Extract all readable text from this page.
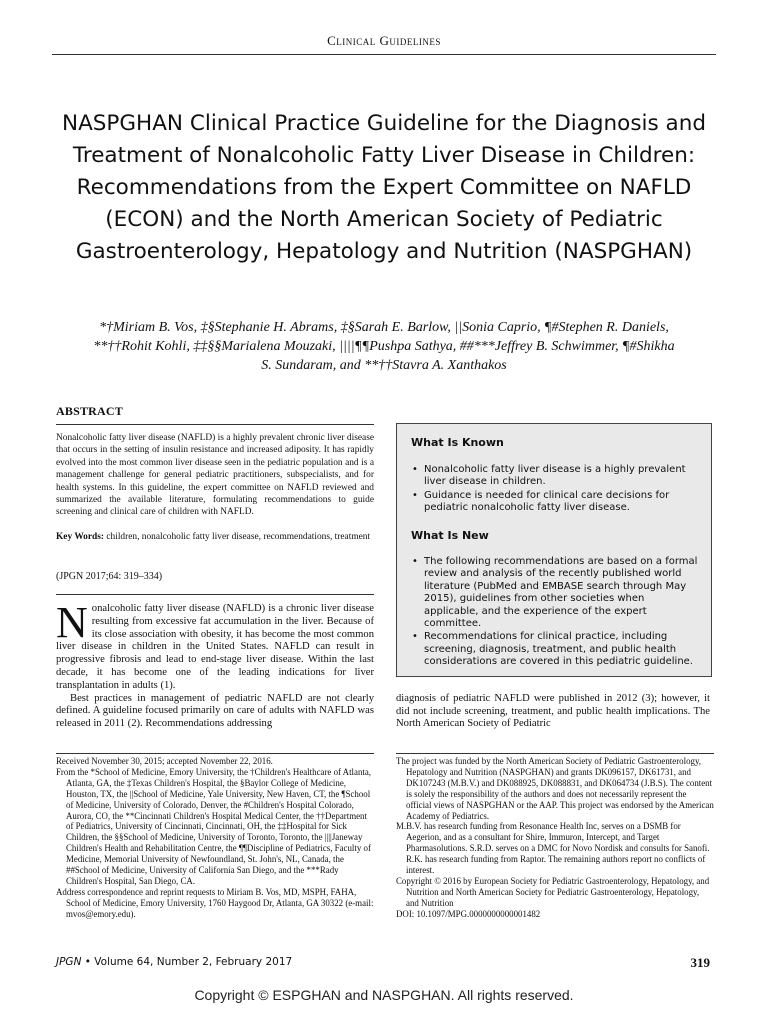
Clinical Guidelines
NASPGHAN Clinical Practice Guideline for the Diagnosis and Treatment of Nonalcoholic Fatty Liver Disease in Children: Recommendations from the Expert Committee on NAFLD (ECON) and the North American Society of Pediatric Gastroenterology, Hepatology and Nutrition (NASPGHAN)
*†Miriam B. Vos, ‡§Stephanie H. Abrams, ‡§Sarah E. Barlow, ||Sonia Caprio, ¶#Stephen R. Daniels, **††Rohit Kohli, ‡‡§§Marialena Mouzaki, ||||¶¶Pushpa Sathya, ##***Jeffrey B. Schwimmer, ¶#Shikha S. Sundaram, and **††Stavra A. Xanthakos
ABSTRACT
Nonalcoholic fatty liver disease (NAFLD) is a highly prevalent chronic liver disease that occurs in the setting of insulin resistance and increased adiposity. It has rapidly evolved into the most common liver disease seen in the pediatric population and is a management challenge for general pediatric practitioners, subspecialists, and for health systems. In this guideline, the expert committee on NAFLD reviewed and summarized the available literature, formulating recommendations to guide screening and clinical care of children with NAFLD.
Key Words: children, nonalcoholic fatty liver disease, recommendations, treatment
(JPGN 2017;64: 319–334)
Nonalcoholic fatty liver disease (NAFLD) is a chronic liver disease resulting from excessive fat accumulation in the liver. Because of its close association with obesity, it has become the most common liver disease in children in the United States. NAFLD can result in progressive fibrosis and lead to end-stage liver disease. Within the last decade, it has become one of the leading indications for liver transplantation in adults (1).
Best practices in management of pediatric NAFLD are not clearly defined. A guideline focused primarily on care of adults with NAFLD was released in 2011 (2). Recommendations addressing
What Is Known
• Nonalcoholic fatty liver disease is a highly prevalent liver disease in children.
• Guidance is needed for clinical care decisions for pediatric nonalcoholic fatty liver disease.
What Is New
• The following recommendations are based on a formal review and analysis of the recently published world literature (PubMed and EMBASE search through May 2015), guidelines from other societies when applicable, and the experience of the expert committee.
• Recommendations for clinical practice, including screening, diagnosis, treatment, and public health considerations are covered in this pediatric guideline.
diagnosis of pediatric NAFLD were published in 2012 (3); however, it did not include screening, treatment, and public health implications. The North American Society of Pediatric

Received November 30, 2015; accepted November 22, 2016.

From the *School of Medicine, Emory University, the †Children's Healthcare of Atlanta, Atlanta, GA, the ‡Texas Children's Hospital, the §Baylor College of Medicine, Houston, TX, the ||School of Medicine, Yale University, New Haven, CT, the ¶School of Medicine, University of Colorado, Denver, the #Children's Hospital Colorado, Aurora, CO, the **Cincinnati Children's Hospital Medical Center, the ††Department of Pediatrics, University of Cincinnati, Cincinnati, OH, the ‡‡Hospital for Sick Children, the §§School of Medicine, University of Toronto, Toronto, the ||||Janeway Children's Health and Rehabilitation Centre, the ¶¶Discipline of Pediatrics, Faculty of Medicine, Memorial University of Newfoundland, St. John's, NL, Canada, the ##School of Medicine, University of California San Diego, and the ***Rady Children's Hospital, San Diego, CA.

Address correspondence and reprint requests to Miriam B. Vos, MD, MSPH, FAHA, School of Medicine, Emory University, 1760 Haygood Dr, Atlanta, GA 30322 (e-mail: mvos@emory.edu).

The project was funded by the North American Society of Pediatric Gastroenterology, Hepatology and Nutrition (NASPGHAN) and grants DK096157, DK61731, and DK107243 (M.B.V.) and DK088925, DK088831, and DK064734 (J.B.S). The content is solely the responsibility of the authors and does not necessarily represent the official views of NASPGHAN or the AAP. This project was endorsed by the American Academy of Pediatrics.

M.B.V. has research funding from Resonance Health Inc, serves on a DSMB for Aegerion, and as a consultant for Shire, Immuron, Intercept, and Target Pharmasolutions. S.R.D. serves on a DMC for Novo Nordisk and consults for Sanofi. R.K. has research funding from Raptor. The remaining authors report no conflicts of interest.

Copyright © 2016 by European Society for Pediatric Gastroenterology, Hepatology, and Nutrition and North American Society for Pediatric Gastroenterology, Hepatology, and Nutrition

DOI: 10.1097/MPG.0000000000001482

JPGN • Volume 64, Number 2, February 2017	319
Copyright © ESPGHAN and NASPGHAN. All rights reserved.
